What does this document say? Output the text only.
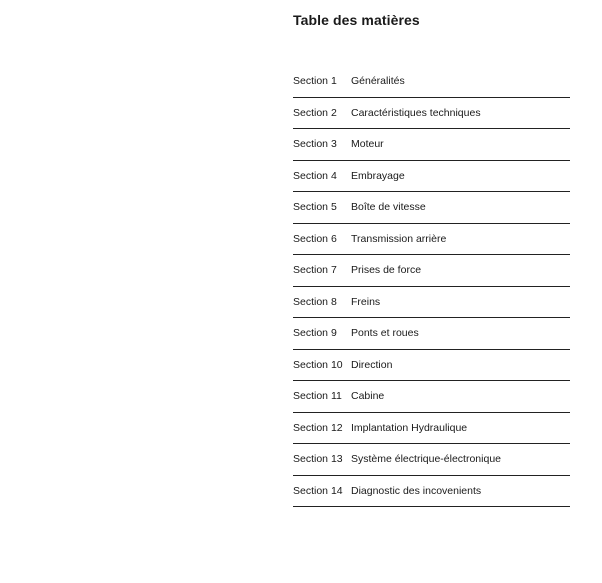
Table des matières
Section 1	Généralités
Section 2	Caractéristiques techniques
Section 3	Moteur
Section 4	Embrayage
Section 5	Boîte de vitesse
Section 6	Transmission arrière
Section 7	Prises de force
Section 8	Freins
Section 9	Ponts et roues
Section 10 Direction
Section 11 Cabine
Section 12 Implantation Hydraulique
Section 13 Système électrique-électronique
Section 14 Diagnostic des incovenients
